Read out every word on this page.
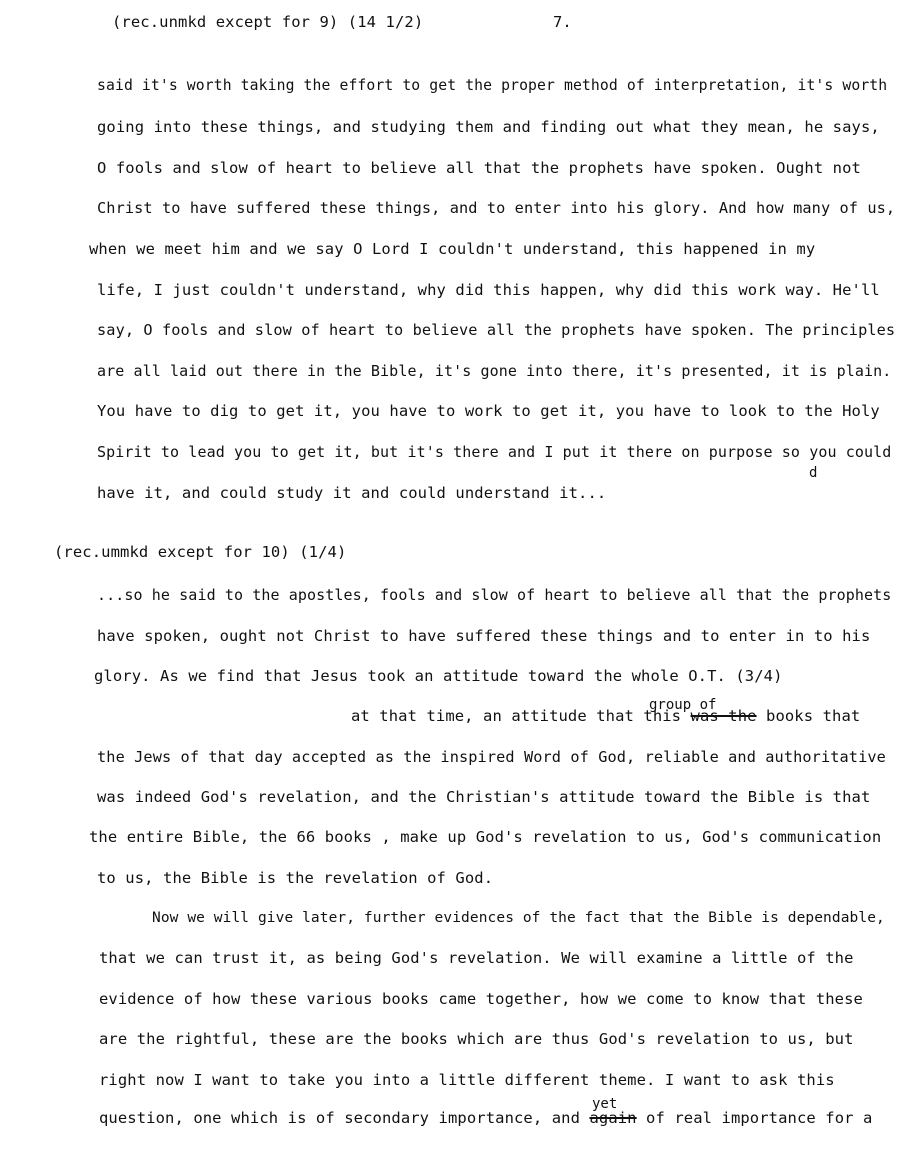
(rec.unmkd except for 9) (14 1/2)	7.
said it's worth taking the effort to get the proper method of interpretation, it's worth
going into these things, and studying them and finding out what they mean, he says,
O fools and slow of heart to believe all that the prophets have spoken. Ought not
Christ to have suffered these things, and to enter into his glory. And how many of us,
when we meet him and we say O Lord I couldn't understand, this happened in my
life, I just couldn't understand, why did this happen, why did this work way. He'll
say, O fools and slow of heart to believe all the prophets have spoken. The principles
are all laid out there in the Bible, it's gone into there, it's presented, it is plain.
You have to dig to get it, you have to work to get it, you have to look to the Holy
Spirit to lead you to get it, but it's there and I put it there on purpose so you could
d
have it, and could study it and could understand it...
(rec.ummkd except for 10) (1/4)
...so he said to the apostles, fools and slow of heart to believe all that the prophets
have spoken, ought not Christ to have suffered these things and to enter in to his
glory. As we find that Jesus took an attitude toward the whole O.T. (3/4)
group of
at that time, an attitude that this was the books that
the Jews of that day accepted as the inspired Word of God, reliable and authoritative
was indeed God's revelation, and the Christian's attitude toward the Bible is that
the entire Bible, the 66 books , make up God's revelation to us, God's communication
to us, the Bible is the revelation of God.
Now we will give later, further evidences of the fact that the Bible is dependable,
that we can trust it, as being God's revelation. We will examine a little of the
evidence of how these various books came together, how we come to know that these
are the rightful, these are the books which are thus God's revelation to us, but
right now I want to take you into a little different theme. I want to ask this
yet
question, one which is of secondary importance, and again of real importance for a
